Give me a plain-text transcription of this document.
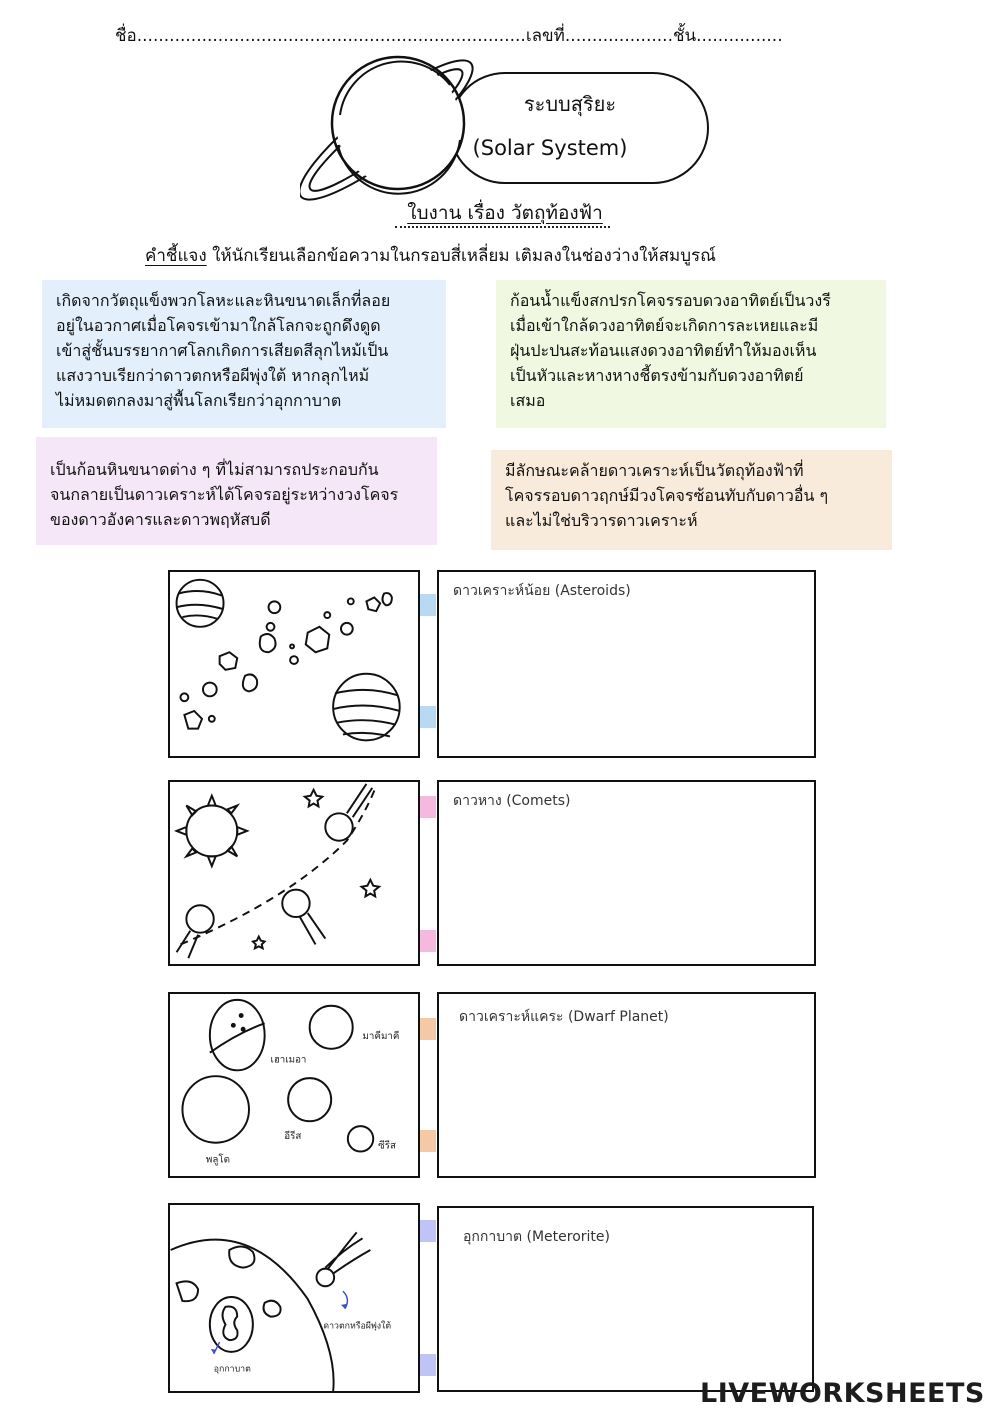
ชื่อ........................................................................เลขที่....................ชั้น................
ระบบสุริยะ
(Solar System)
ใบงาน เรื่อง วัตถุท้องฟ้า
คำชี้แจง ให้นักเรียนเลือกข้อความในกรอบสี่เหลี่ยม เติมลงในช่องว่างให้สมบูรณ์
เกิดจากวัตถุแข็งพวกโลหะและหินขนาดเล็กที่ลอย
อยู่ในอวกาศเมื่อโคจรเข้ามาใกล้โลกจะถูกดึงดูด
เข้าสู่ชั้นบรรยากาศโลกเกิดการเสียดสีลุกไหม้เป็น
แสงวาบเรียกว่าดาวตกหรือผีพุ่งใต้ หากลุกไหม้
ไม่หมดตกลงมาสู่พื้นโลกเรียกว่าอุกกาบาต
ก้อนน้ำแข็งสกปรกโคจรรอบดวงอาทิตย์เป็นวงรี
เมื่อเข้าใกล้ดวงอาทิตย์จะเกิดการละเหยและมี
ฝุ่นปะปนสะท้อนแสงดวงอาทิตย์ทำให้มองเห็น
เป็นหัวและหางหางชี้ตรงข้ามกับดวงอาทิตย์
เสมอ
เป็นก้อนหินขนาดต่าง ๆ ที่ไม่สามารถประกอบกัน
จนกลายเป็นดาวเคราะห์ได้โคจรอยู่ระหว่างวงโคจร
ของดาวอังคารและดาวพฤหัสบดี
มีลักษณะคล้ายดาวเคราะห์เป็นวัตถุท้องฟ้าที่
โคจรรอบดาวฤกษ์มีวงโคจรซ้อนทับกับดาวอื่น ๆ
และไม่ใช่บริวารดาวเคราะห์
ดาวเคราะห์น้อย (Asteroids)
ดาวหาง (Comets)
มาคีมาคี
เฮาเมอา
พลูโต
อีรีส
ซีรีส
ดาวเคราะห์แคระ (Dwarf Planet)
ดาวตกหรือผีพุ่งใต้
อุกกาบาต
อุกกาบาต (Meterorite)
LIVEWORKSHEETS
